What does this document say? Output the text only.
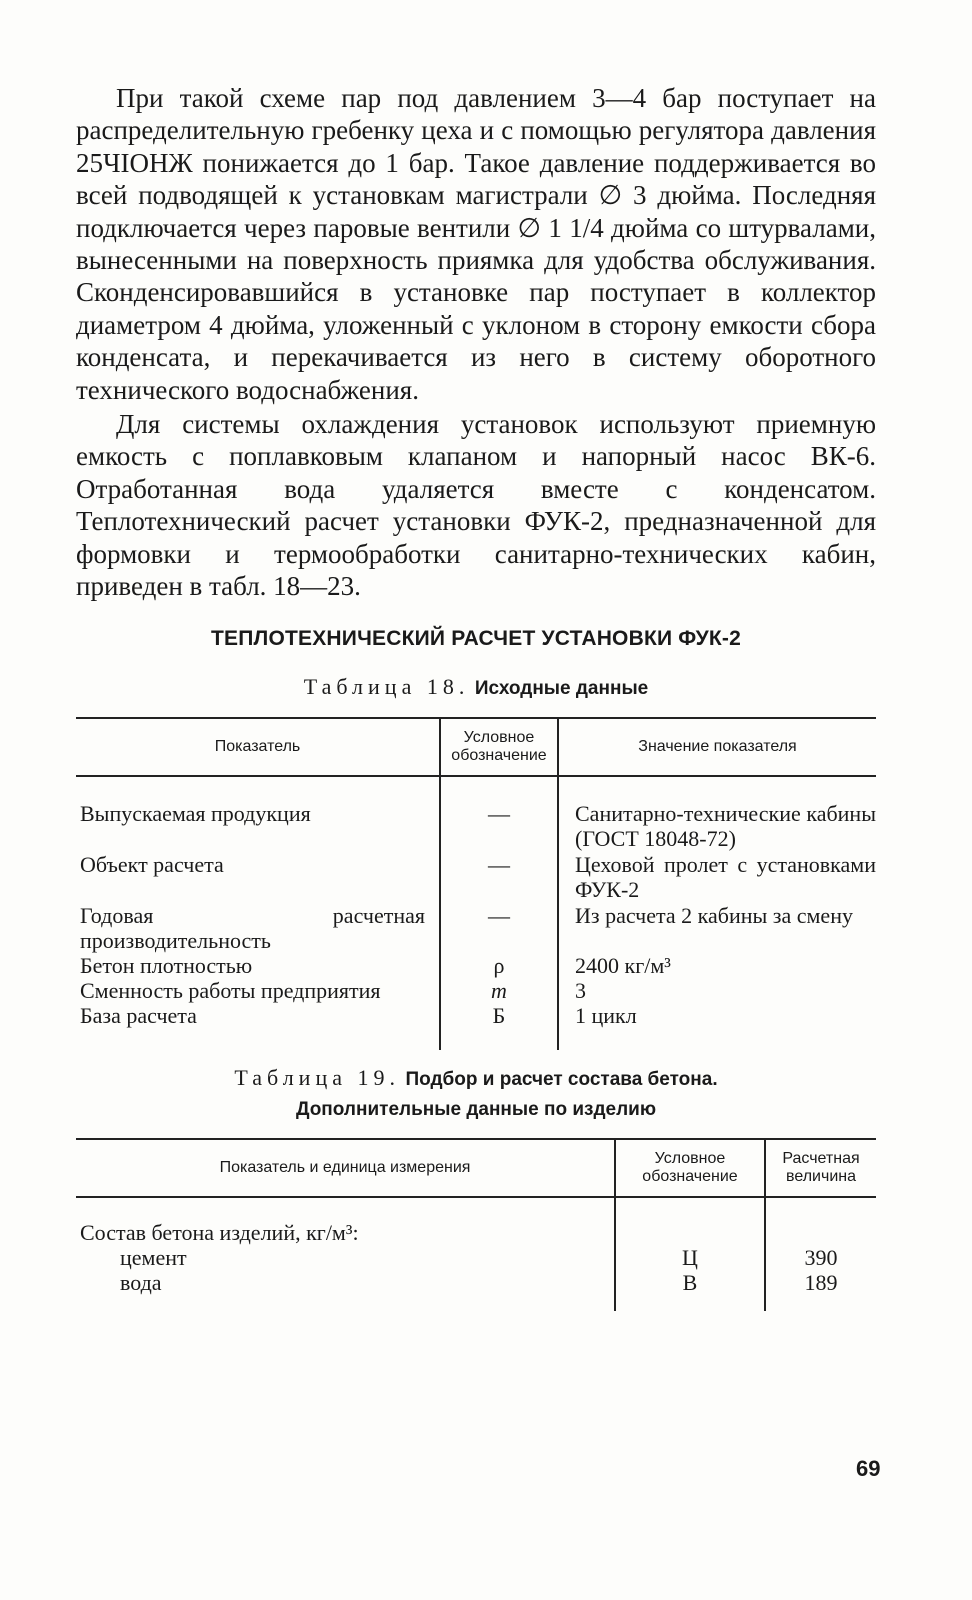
При такой схеме пар под давлением 3—4 бар поступает на распределительную гребенку цеха и с помощью регулятора давления 25ЧІОНЖ понижается до 1 бар. Такое давление поддерживается во всей подводящей к установкам магистрали ∅ 3 дюйма. Последняя подключается через паровые вентили ∅ 1 1/4 дюйма со штурвалами, вынесенными на поверхность приямка для удобства обслуживания. Сконденсировавшийся в установке пар поступает в коллектор диаметром 4 дюйма, уложенный с уклоном в сторону емкости сбора конденсата, и перекачивается из него в систему оборотного технического водоснабжения.

Для системы охлаждения установок используют приемную емкость с поплавковым клапаном и напорный насос ВК-6. Отработанная вода удаляется вместе с конденсатом. Теплотехнический расчет установки ФУК-2, предназначенной для формовки и термообработки санитарно-технических кабин, приведен в табл. 18—23.

ТЕПЛОТЕХНИЧЕСКИЙ РАСЧЕТ УСТАНОВКИ ФУК-2
Таблица 18. Исходные данные
Показатель	Условное обозначение	Значение показателя
Выпускаемая продукция	—	Санитарно-технические кабины (ГОСТ 18048-72)
Объект расчета	—	Цеховой пролет с установками ФУК-2
Годовая расчетная производительность	—	Из расчета 2 кабины за смену
Бетон плотностью	ρ	2400 кг/м³
Сменность работы предприятия	m	3
База расчета	Б	1 цикл
Таблица 19. Подбор и расчет состава бетона.
Дополнительные данные по изделию
Показатель и единица измерения	Условное обозначение	Расчетная величина
Состав бетона изделий, кг/м³:		
цемент	Ц	390
вода	В	189
69
